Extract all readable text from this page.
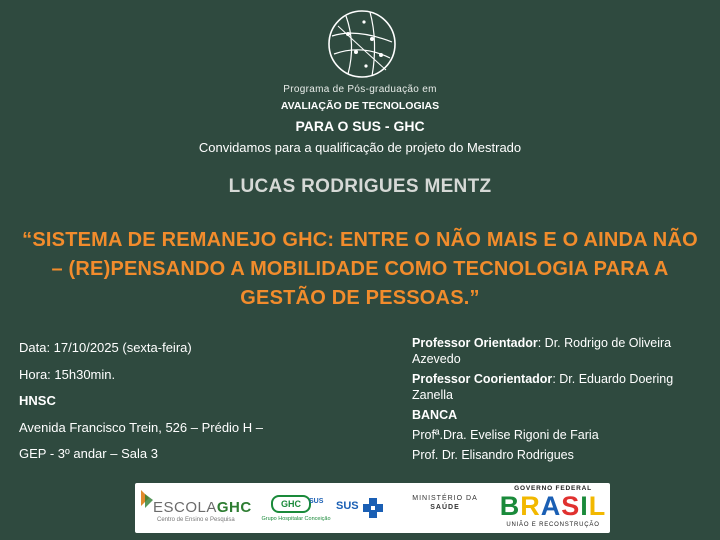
Programa de Pós-graduação em
AVALIAÇÃO DE TECNOLOGIAS
PARA O SUS - GHC
Convidamos para a qualificação de projeto do Mestrado
LUCAS RODRIGUES MENTZ
“SISTEMA DE REMANEJO GHC: ENTRE O NÃO MAIS E O AINDA NÃO – (RE)PENSANDO A MOBILIDADE COMO TECNOLOGIA PARA A GESTÃO DE PESSOAS.”
Data: 17/10/2025 (sexta-feira)
Hora: 15h30min.
HNSC
Avenida Francisco Trein, 526 – Prédio H –
GEP - 3º andar – Sala 3
Professor Orientador: Dr. Rodrigo de Oliveira Azevedo
Professor Coorientador: Dr. Eduardo Doering Zanella
BANCA
Profª.Dra. Evelise Rigoni de Faria
Prof. Dr. Elisandro Rodrigues
ESCOLAGHC
Centro de Ensino e Pesquisa
GHC	SUS
Grupo Hospitalar Conceição
SUS
MINISTÉRIO DA
SAÚDE
GOVERNO FEDERAL
BRASIL
UNIÃO E RECONSTRUÇÃO
